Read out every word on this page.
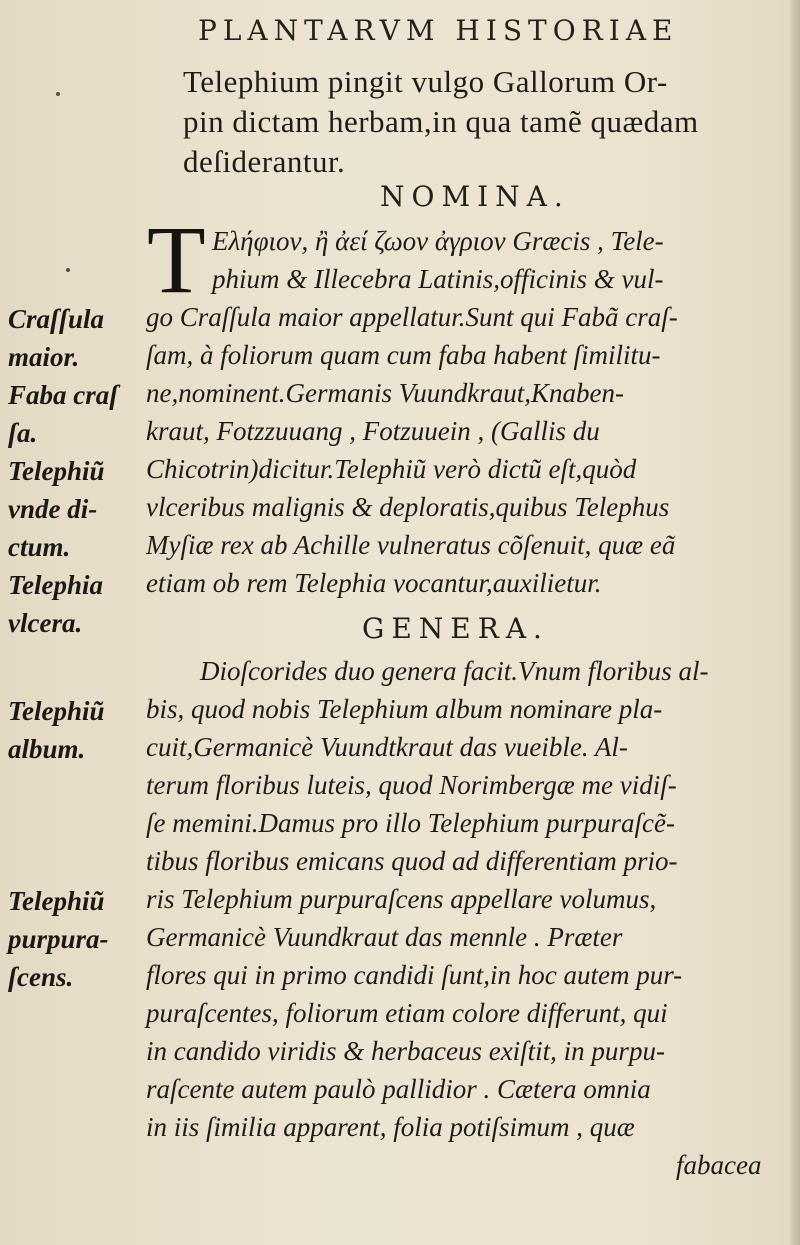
PLANTARVM HISTORIAE
Telephium pingit vulgo Gallorum Or-
pin dictam herbam,in qua tamẽ quædam
deſiderantur.
NOMINA.
T Ελήφιον, ἢ ἀεί ζωον ἀγριον Græcis , Tele-
phium & Illecebra Latinis,officinis & vul-
go Craſſula maior appellatur.Sunt qui Fabã craſ-
ſam, à foliorum quam cum faba habent ſimilitu-
ne,nominent.Germanis Vuundkraut,Knaben-
kraut, Fotzzuuang , Fotzuuein , (Gallis du
Chicotrin)dicitur.Telephiũ verò dictũ eſt,quòd
vlceribus malignis & deploratis,quibus Telephus
Myſiæ rex ab Achille vulneratus cõſenuit, quæ eã
etiam ob rem Telephia vocantur,auxilietur.
GENERA.
Dioſcorides duo genera facit.Vnum floribus al-
bis, quod nobis Telephium album nominare pla-
cuit,Germanicè Vuundtkraut das vueible. Al-
terum floribus luteis, quod Norimbergæ me vidiſ-
ſe memini.Damus pro illo Telephium purpuraſcẽ-
tibus floribus emicans quod ad differentiam prio-
ris Telephium purpuraſcens appellare volumus,
Germanicè Vuundkraut das mennle . Præter
flores qui in primo candidi ſunt,in hoc autem pur-
puraſcentes, foliorum etiam colore differunt, qui
in candido viridis & herbaceus exiſtit, in purpu-
raſcente autem paulò pallidior . Cætera omnia
in iis ſimilia apparent, folia potiſsimum , quæ
fabacea
Craſſula
maior.
Faba craſ
ſa.
Telephiũ
vnde di-
ctum.
Telephia
vlcera.
Telephiũ
album.
Telephiũ
purpura-
ſcens.
